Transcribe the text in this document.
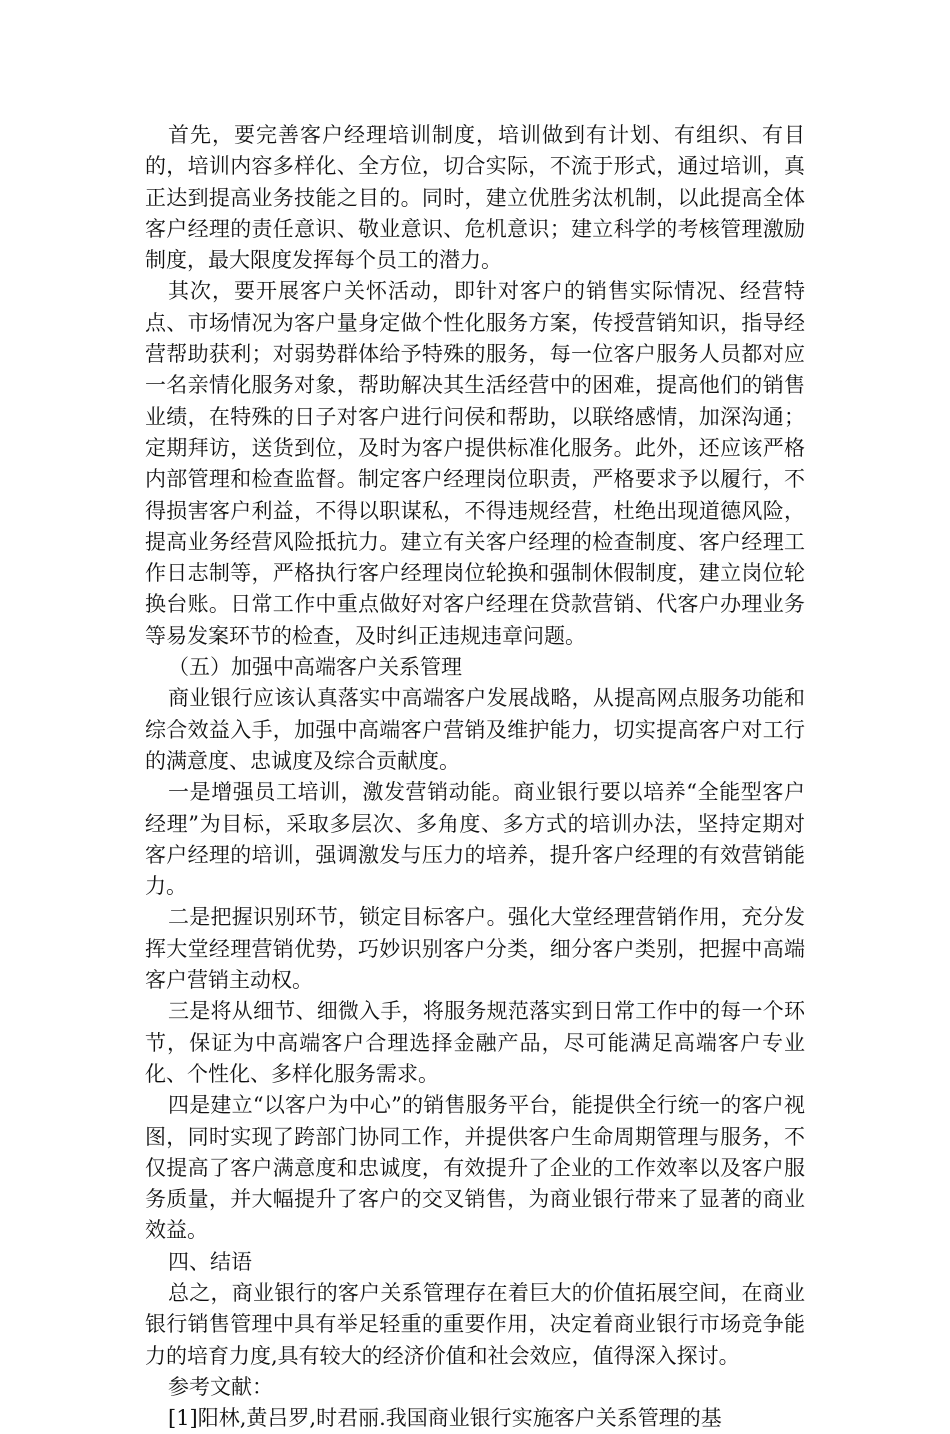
首先，要完善客户经理培训制度，培训做到有计划、有组织、有目的，培训内容多样化、全方位，切合实际，不流于形式，通过培训，真正达到提高业务技能之目的。同时，建立优胜劣汰机制，以此提高全体客户经理的责任意识、敬业意识、危机意识；建立科学的考核管理激励制度，最大限度发挥每个员工的潜力。

其次，要开展客户关怀活动，即针对客户的销售实际情况、经营特点、市场情况为客户量身定做个性化服务方案，传授营销知识，指导经营帮助获利；对弱势群体给予特殊的服务，每一位客户服务人员都对应一名亲情化服务对象，帮助解决其生活经营中的困难，提高他们的销售业绩，在特殊的日子对客户进行问侯和帮助，以联络感情，加深沟通；定期拜访，送货到位，及时为客户提供标准化服务。此外，还应该严格内部管理和检查监督。制定客户经理岗位职责，严格要求予以履行，不得损害客户利益，不得以职谋私，不得违规经营，杜绝出现道德风险，提高业务经营风险抵抗力。建立有关客户经理的检查制度、客户经理工作日志制等，严格执行客户经理岗位轮换和强制休假制度，建立岗位轮换台账。日常工作中重点做好对客户经理在贷款营销、代客户办理业务等易发案环节的检查，及时纠正违规违章问题。

（五）加强中高端客户关系管理

商业银行应该认真落实中高端客户发展战略，从提高网点服务功能和综合效益入手，加强中高端客户营销及维护能力，切实提高客户对工行的满意度、忠诚度及综合贡献度。

一是增强员工培训，激发营销动能。商业银行要以培养“全能型客户经理”为目标，采取多层次、多角度、多方式的培训办法，坚持定期对客户经理的培训，强调激发与压力的培养，提升客户经理的有效营销能力。

二是把握识别环节，锁定目标客户。强化大堂经理营销作用，充分发挥大堂经理营销优势，巧妙识别客户分类，细分客户类别，把握中高端客户营销主动权。

三是将从细节、细微入手，将服务规范落实到日常工作中的每一个环节，保证为中高端客户合理选择金融产品，尽可能满足高端客户专业化、个性化、多样化服务需求。

四是建立“以客户为中心”的销售服务平台，能提供全行统一的客户视图，同时实现了跨部门协同工作，并提供客户生命周期管理与服务，不仅提高了客户满意度和忠诚度，有效提升了企业的工作效率以及客户服务质量，并大幅提升了客户的交叉销售，为商业银行带来了显著的商业效益。

四、结语

总之，商业银行的客户关系管理存在着巨大的价值拓展空间，在商业银行销售管理中具有举足轻重的重要作用，决定着商业银行市场竞争能力的培育力度,具有较大的经济价值和社会效应，值得深入探讨。

参考文献：

[1]阳林,黄吕罗,时君丽.我国商业银行实施客户关系管理的基
